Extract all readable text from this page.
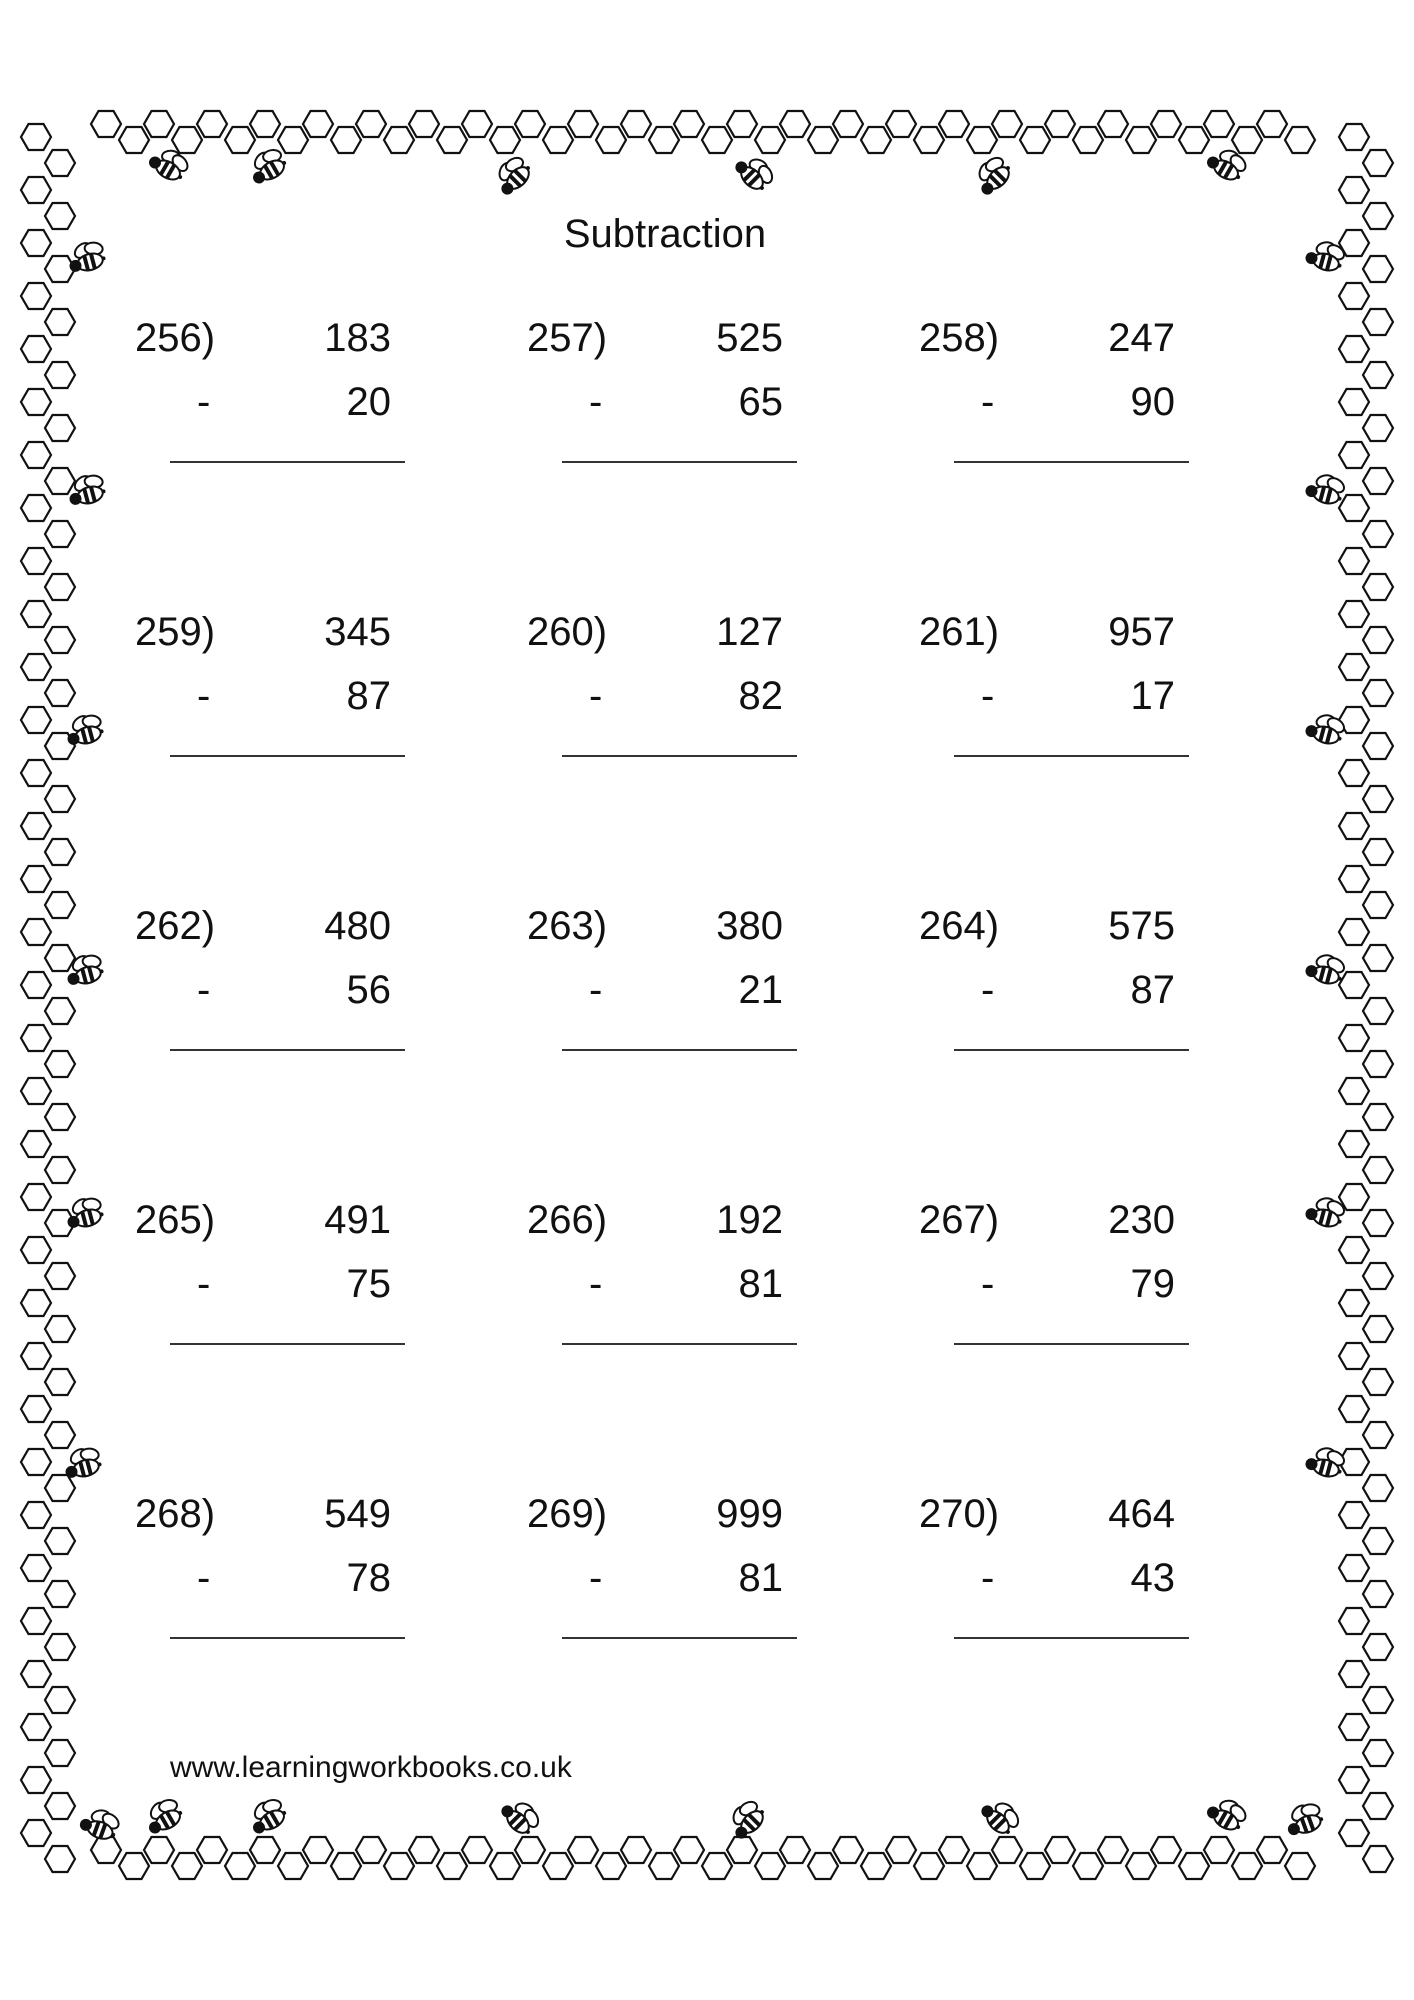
Subtraction
256)	183
-	20
257)	525
-	65
258)	247
-	90
259)	345
-	87
260)	127
-	82
261)	957
-	17
262)	480
-	56
263)	380
-	21
264)	575
-	87
265)	491
-	75
266)	192
-	81
267)	230
-	79
268)	549
-	78
269)	999
-	81
270)	464
-	43
www.learningworkbooks.co.uk
